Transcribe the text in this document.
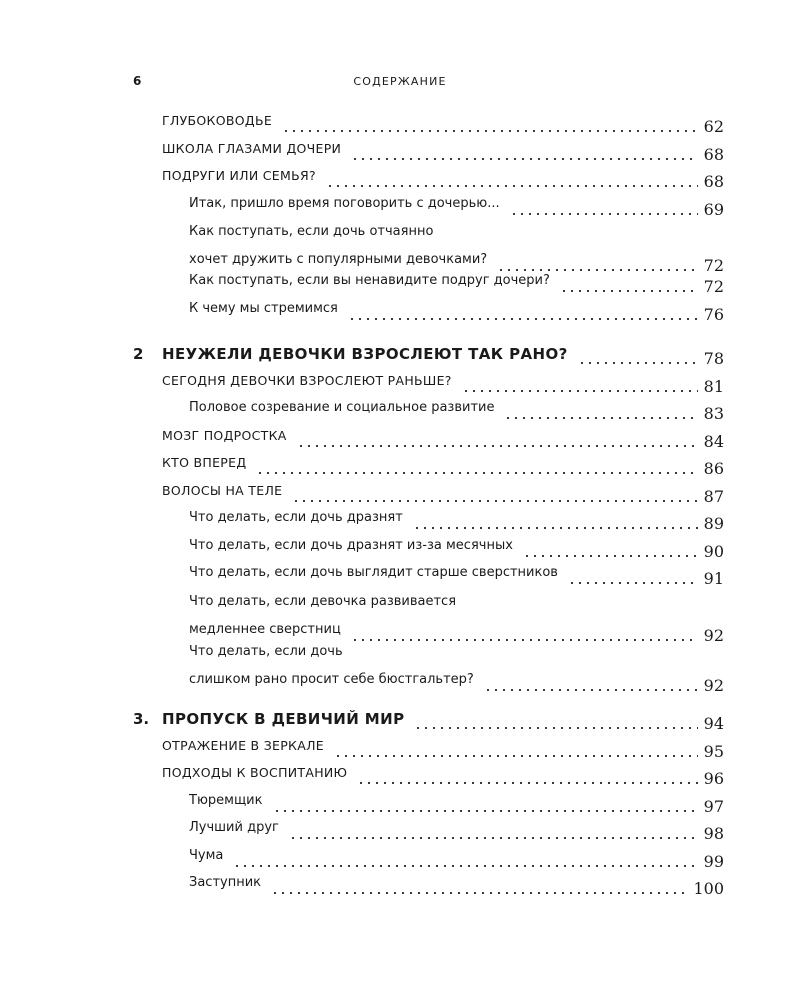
6	СОДЕРЖАНИЕ
ГЛУБОКОВОДЬЕ	62
ШКОЛА ГЛАЗАМИ ДОЧЕРИ	68
ПОДРУГИ ИЛИ СЕМЬЯ?	68
Итак, пришло время поговорить с дочерью...	69
Как поступать, если дочь отчаянно
хочет дружить с популярными девочками?	72
Как поступать, если вы ненавидите подруг дочери?	72
К чему мы стремимся	76
2 НЕУЖЕЛИ ДЕВОЧКИ ВЗРОСЛЕЮТ ТАК РАНО?	78
СЕГОДНЯ ДЕВОЧКИ ВЗРОСЛЕЮТ РАНЬШЕ?	81
Половое созревание и социальное развитие	83
МОЗГ ПОДРОСТКА	84
КТО ВПЕРЕД	86
ВОЛОСЫ НА ТЕЛЕ	87
Что делать, если дочь дразнят	89
Что делать, если дочь дразнят из-за месячных	90
Что делать, если дочь выглядит старше сверстников	91
Что делать, если девочка развивается
медленнее сверстниц	92
Что делать, если дочь
слишком рано просит себе бюстгальтер?	92
3. ПРОПУСК В ДЕВИЧИЙ МИР	94
ОТРАЖЕНИЕ В ЗЕРКАЛЕ	95
ПОДХОДЫ К ВОСПИТАНИЮ	96
Тюремщик	97
Лучший друг	98
Чума	99
Заступник	100
